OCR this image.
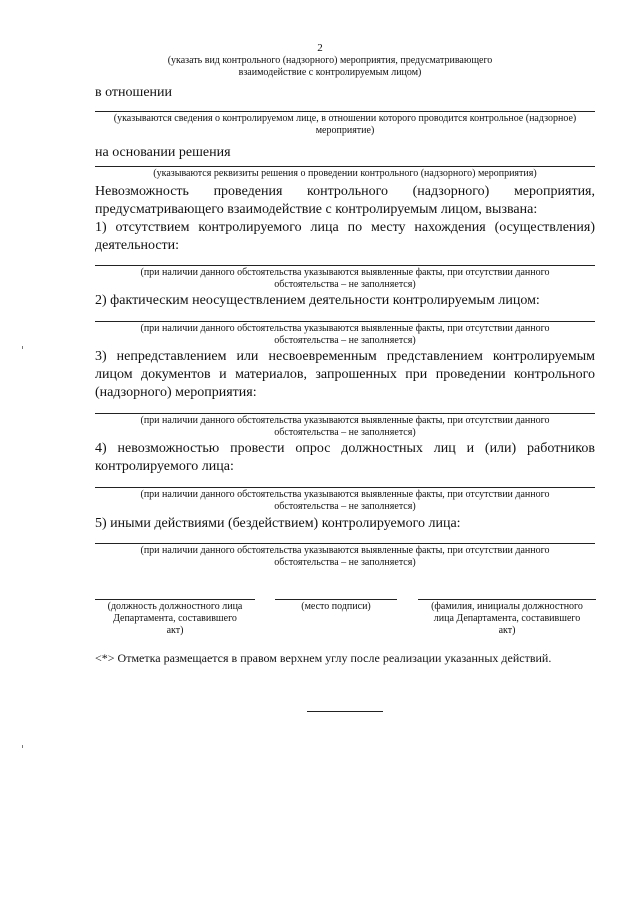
2
(указать вид контрольного (надзорного) мероприятия, предусматривающего
взаимодействие с контролируемым лицом)
в отношении
(указываются сведения о контролируемом лице, в отношении которого проводится контрольное (надзорное)
мероприятие)
на основании решения
(указываются реквизиты решения о проведении контрольного (надзорного) мероприятия)
Невозможность проведения контрольного (надзорного) мероприятия,
предусматривающего взаимодействие с контролируемым лицом, вызвана:
1) отсутствием контролируемого лица по месту нахождения (осуществления)
деятельности:
(при наличии данного обстоятельства указываются выявленные факты, при отсутствии данного
обстоятельства – не заполняется)
2) фактическим неосуществлением деятельности контролируемым лицом:
(при наличии данного обстоятельства указываются выявленные факты, при отсутствии данного
обстоятельства – не заполняется)
3) непредставлением или несвоевременным представлением контролируемым
лицом документов и материалов, запрошенных при проведении контрольного
(надзорного) мероприятия:
(при наличии данного обстоятельства указываются выявленные факты, при отсутствии данного
обстоятельства – не заполняется)
4) невозможностью провести опрос должностных лиц и (или) работников
контролируемого лица:
(при наличии данного обстоятельства указываются выявленные факты, при отсутствии данного
обстоятельства – не заполняется)
5) иными действиями (бездействием) контролируемого лица:
(при наличии данного обстоятельства указываются выявленные факты, при отсутствии данного
обстоятельства – не заполняется)
(должность должностного лица
Департамента, составившего
акт)
(место подписи)	(фамилия, инициалы должностного
лица Департамента, составившего
акт)
<*> Отметка размещается в правом верхнем углу после реализации указанных действий.
